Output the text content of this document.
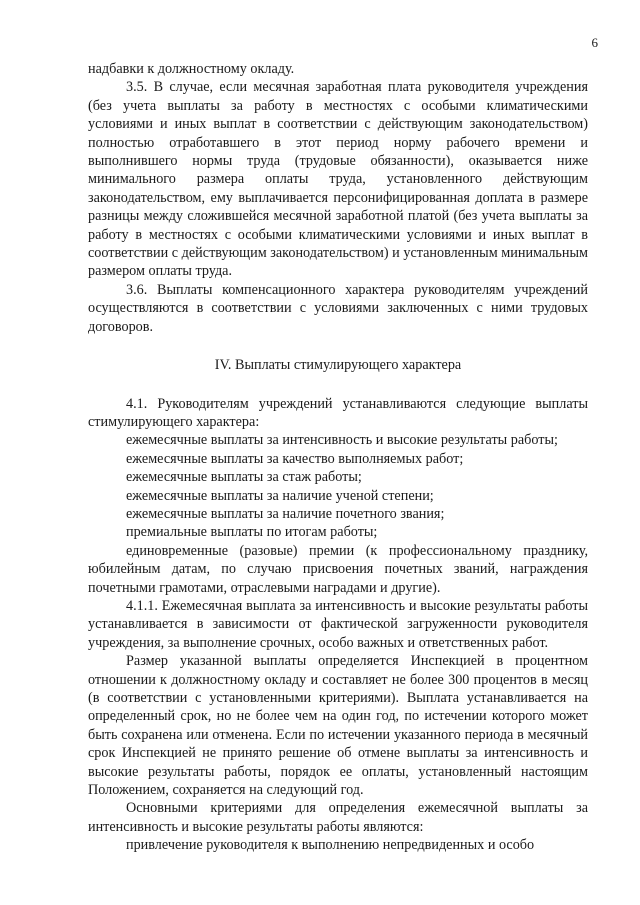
6

надбавки к должностному окладу.

3.5. В случае, если месячная заработная плата руководителя учреждения (без учета выплаты за работу в местностях с особыми климатическими условиями и иных выплат в соответствии с действующим законодательством) полностью отработавшего в этот период норму рабочего времени и выполнившего нормы труда (трудовые обязанности), оказывается ниже минимального размера оплаты труда, установленного действующим законодательством, ему выплачивается персонифицированная доплата в размере разницы между сложившейся месячной заработной платой (без учета выплаты за работу в местностях с особыми климатическими условиями и иных выплат в соответствии с действующим законодательством) и установленным минимальным размером оплаты труда.

3.6. Выплаты компенсационного характера руководителям учреждений осуществляются в соответствии с условиями заключенных с ними трудовых договоров.

IV. Выплаты стимулирующего характера

4.1. Руководителям учреждений устанавливаются следующие выплаты стимулирующего характера:

ежемесячные выплаты за интенсивность и высокие результаты работы;

ежемесячные выплаты за качество выполняемых работ;

ежемесячные выплаты за стаж работы;

ежемесячные выплаты за наличие ученой степени;

ежемесячные выплаты за наличие почетного звания;

премиальные выплаты по итогам работы;

единовременные (разовые) премии (к профессиональному празднику, юбилейным датам, по случаю присвоения почетных званий, награждения почетными грамотами, отраслевыми наградами и другие).

4.1.1. Ежемесячная выплата за интенсивность и высокие результаты работы устанавливается в зависимости от фактической загруженности руководителя учреждения, за выполнение срочных, особо важных и ответственных работ.

Размер указанной выплаты определяется Инспекцией в процентном отношении к должностному окладу и составляет не более 300 процентов в месяц (в соответствии с установленными критериями). Выплата устанавливается на определенный срок, но не более чем на один год, по истечении которого может быть сохранена или отменена. Если по истечении указанного периода в месячный срок Инспекцией не принято решение об отмене выплаты за интенсивность и высокие результаты работы, порядок ее оплаты, установленный настоящим Положением, сохраняется на следующий год.

Основными критериями для определения ежемесячной выплаты за интенсивность и высокие результаты работы являются:

привлечение руководителя к выполнению непредвиденных и особо
